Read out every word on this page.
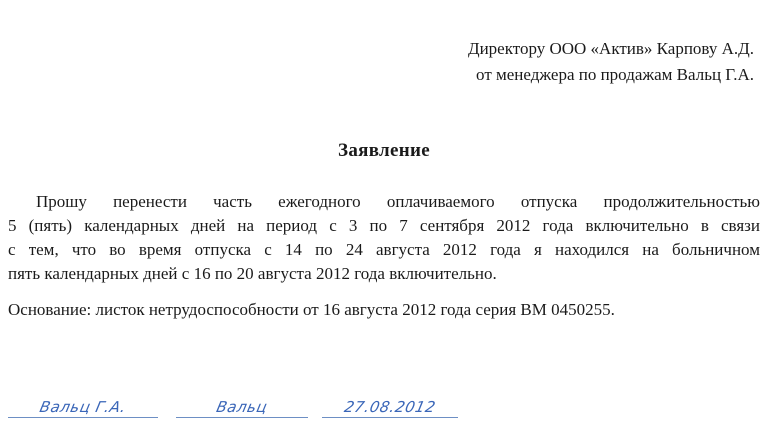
Директору ООО «Актив» Карпову А.Д.
от менеджера по продажам Вальц Г.А.
Заявление
Прошу перенести часть ежегодного оплачиваемого отпуска продолжительностью
5 (пять) календарных дней на период с 3 по 7 сентября 2012 года включительно в связи
с тем, что во время отпуска с 14 по 24 августа 2012 года я находился на больничном
пять календарных дней с 16 по 20 августа 2012 года включительно.
Основание: листок нетрудоспособности от 16 августа 2012 года серия ВМ 0450255.
Вальц Г.А.	Вальц	27.08.2012
